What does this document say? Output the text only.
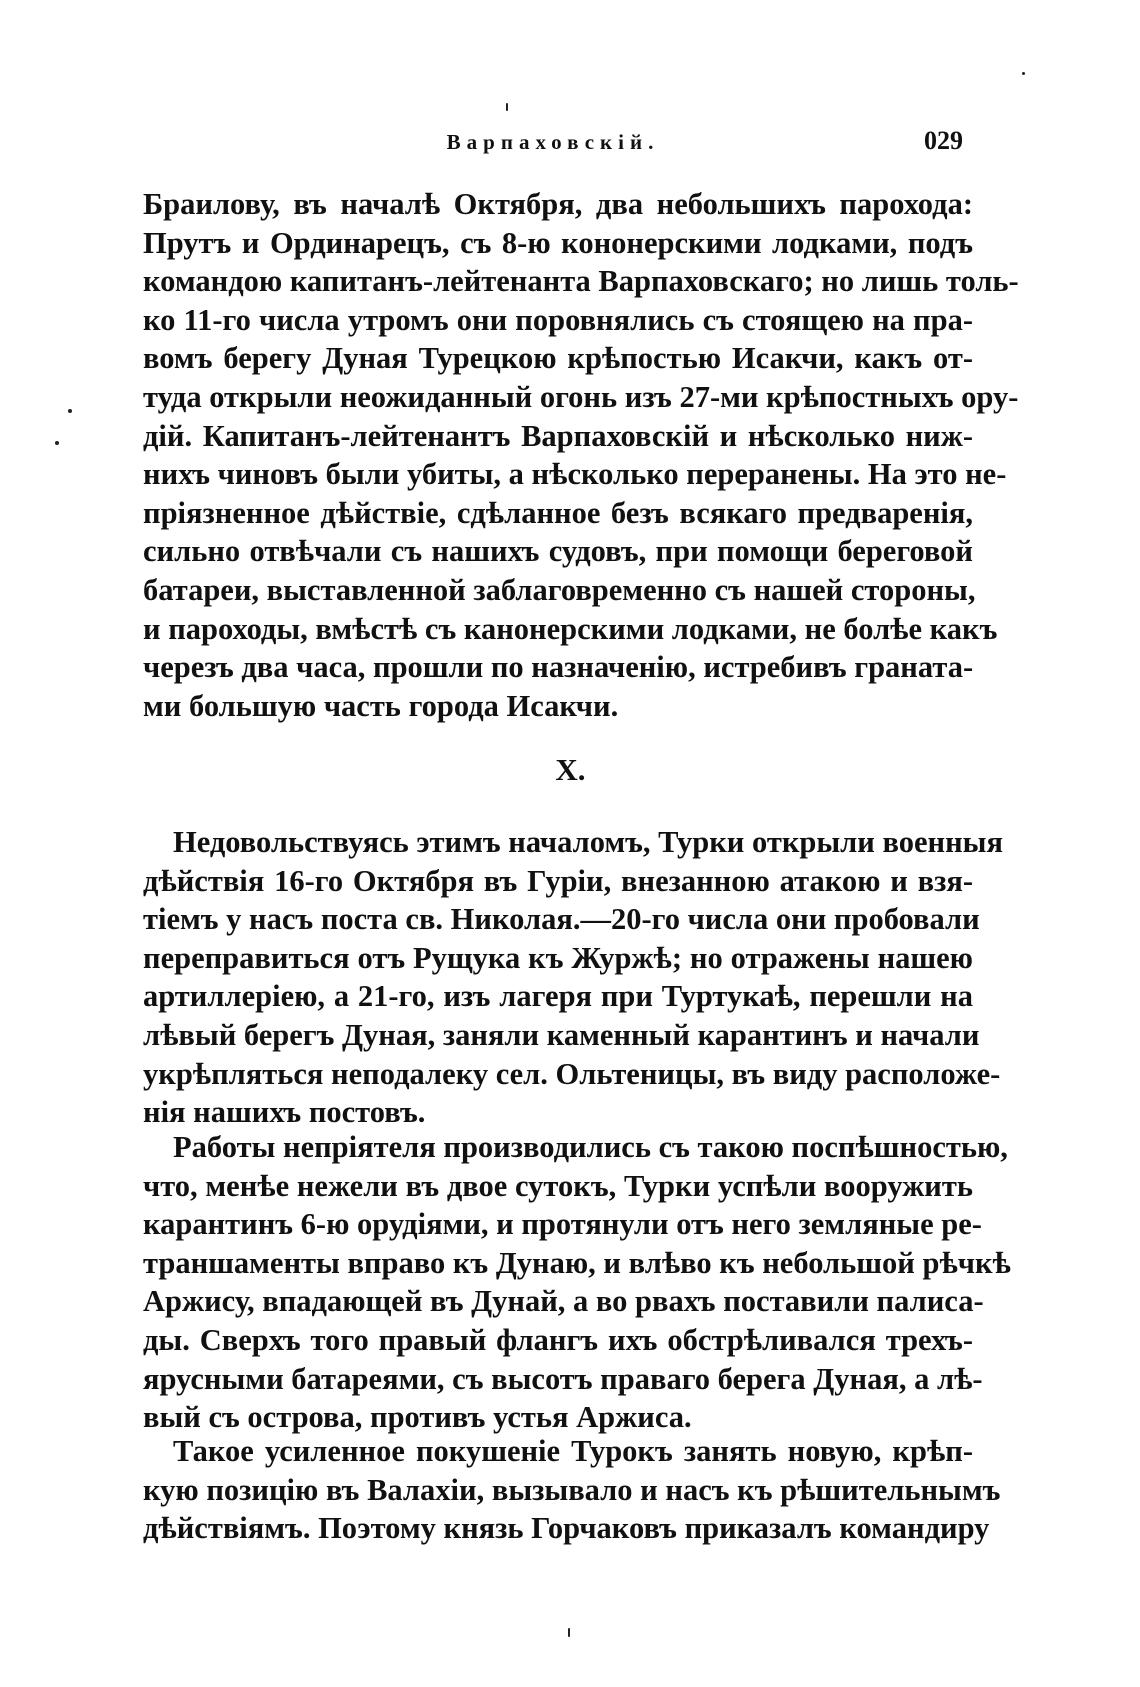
Варпаховскій.	029
Браилову, въ началѣ Октября, два небольшихъ парохода:
Прутъ и Ординарецъ, съ 8-ю кононерскими лодками, подъ
командою капитанъ-лейтенанта Варпаховскаго; но лишь толь-
ко 11-го числа утромъ они поровнялись съ стоящею на пра-
вомъ берегу Дуная Турецкою крѣпостью Исакчи, какъ от-
туда открыли неожиданный огонь изъ 27-ми крѣпостныхъ ору-
дій. Капитанъ-лейтенантъ Варпаховскій и нѣсколько ниж-
нихъ чиновъ были убиты, а нѣсколько переранены. На это не-
пріязненное дѣйствіе, сдѣланное безъ всякаго предваренія,
сильно отвѣчали съ нашихъ судовъ, при помощи береговой
батареи, выставленной заблаговременно съ нашей стороны,
и пароходы, вмѣстѣ съ канонерскими лодками, не болѣе какъ
черезъ два часа, прошли по назначенію, истребивъ граната-
ми большую часть города Исакчи.
X.
Недовольствуясь этимъ началомъ, Турки открыли военныя
дѣйствія 16-го Октября въ Гуріи, внезанною атакою и взя-
тіемъ у насъ поста св. Николая.—20-го числа они пробовали
переправиться отъ Рущука къ Журжѣ; но отражены нашею
артиллеріею, а 21-го, изъ лагеря при Туртукаѣ, перешли на
лѣвый берегъ Дуная, заняли каменный карантинъ и начали
укрѣпляться неподалеку сел. Ольтеницы, въ виду расположе-
нія нашихъ постовъ.
Работы непріятеля производились съ такою поспѣшностью,
что, менѣе нежели въ двое сутокъ, Турки успѣли вооружить
карантинъ 6-ю орудіями, и протянули отъ него земляные ре-
траншаменты вправо къ Дунаю, и влѣво къ небольшой рѣчкѣ
Аржису, впадающей въ Дунай, а во рвахъ поставили палиса-
ды. Сверхъ того правый флангъ ихъ обстрѣливался трехъ-
ярусными батареями, съ высотъ праваго берега Дуная, а лѣ-
вый съ острова, противъ устья Аржиса.
Такое усиленное покушеніе Турокъ занять новую, крѣп-
кую позицію въ Валахіи, вызывало и насъ къ рѣшительнымъ
дѣйствіямъ. Поэтому князь Горчаковъ приказалъ командиру
